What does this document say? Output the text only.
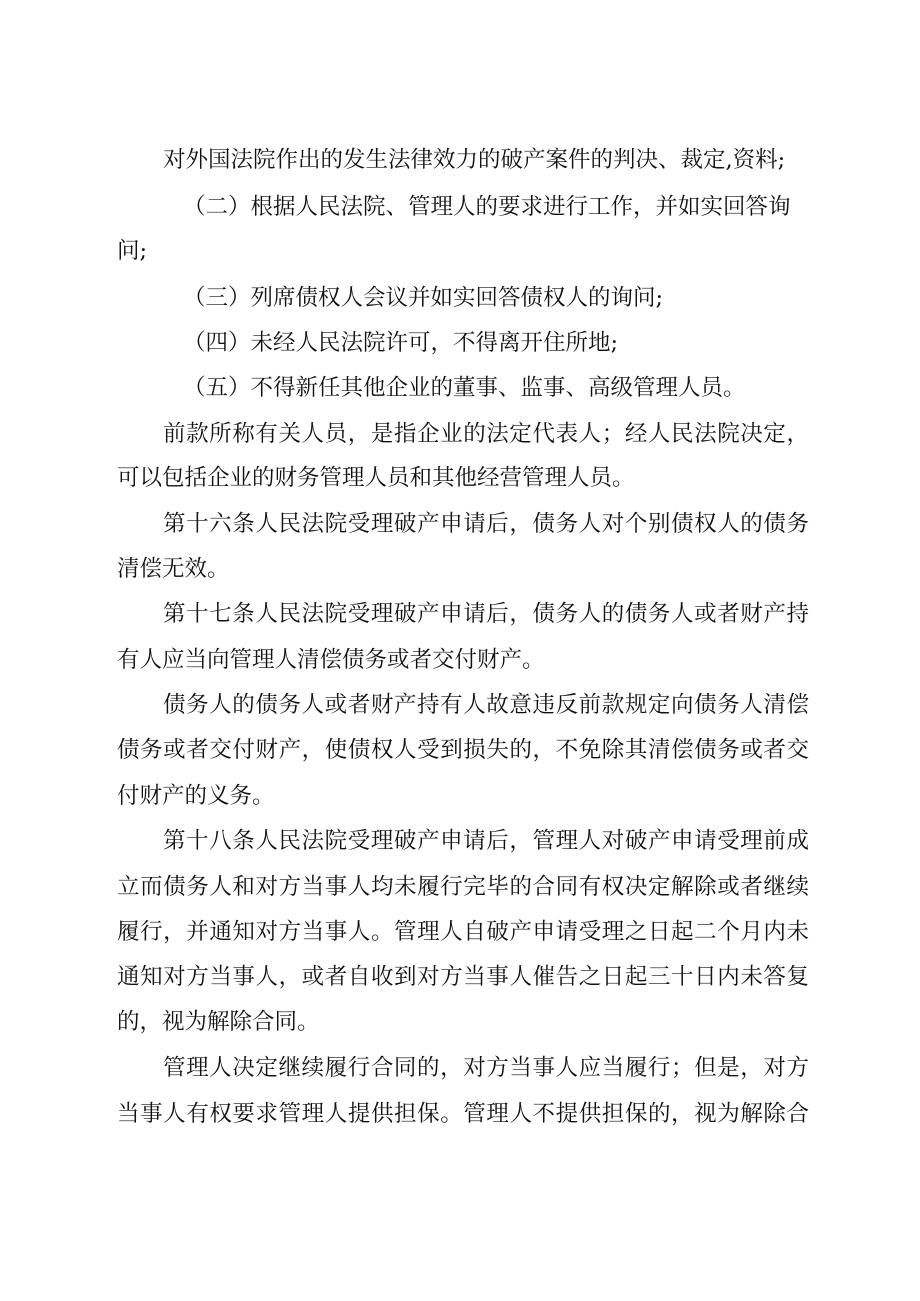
对外国法院作出的发生法律效力的破产案件的判决、裁定,资料;
（二）根据人民法院、管理人的要求进行工作，并如实回答询
问;
（三）列席债权人会议并如实回答债权人的询问;
（四）未经人民法院许可，不得离开住所地;
（五）不得新任其他企业的董事、监事、高级管理人员。
前款所称有关人员，是指企业的法定代表人；经人民法院决定，
可以包括企业的财务管理人员和其他经营管理人员。
第十六条人民法院受理破产申请后，债务人对个别债权人的债务
清偿无效。
第十七条人民法院受理破产申请后，债务人的债务人或者财产持
有人应当向管理人清偿债务或者交付财产。
债务人的债务人或者财产持有人故意违反前款规定向债务人清偿
债务或者交付财产，使债权人受到损失的，不免除其清偿债务或者交
付财产的义务。
第十八条人民法院受理破产申请后，管理人对破产申请受理前成
立而债务人和对方当事人均未履行完毕的合同有权决定解除或者继续
履行，并通知对方当事人。管理人自破产申请受理之日起二个月内未
通知对方当事人，或者自收到对方当事人催告之日起三十日内未答复
的，视为解除合同。
管理人决定继续履行合同的，对方当事人应当履行；但是，对方
当事人有权要求管理人提供担保。管理人不提供担保的，视为解除合
